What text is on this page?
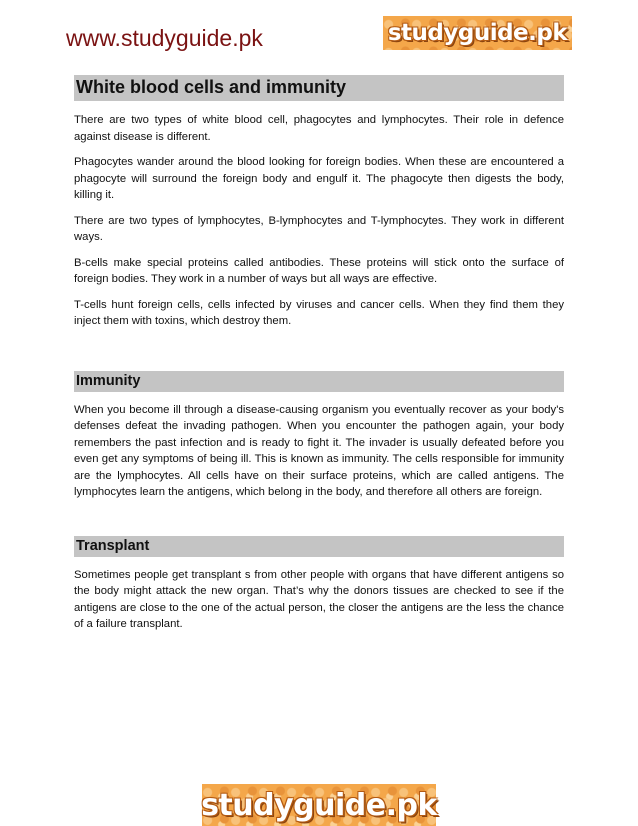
www.studyguide.pk	studyguide.pk
White blood cells and immunity

There are two types of white blood cell, phagocytes and lymphocytes. Their role in defence against disease is different.

Phagocytes wander around the blood looking for foreign bodies. When these are encountered a phagocyte will surround the foreign body and engulf it. The phagocyte then digests the body, killing it.

There are two types of lymphocytes, B-lymphocytes and T-lymphocytes. They work in different ways.

B-cells make special proteins called antibodies. These proteins will stick onto the surface of foreign bodies. They work in a number of ways but all ways are effective.

T-cells hunt foreign cells, cells infected by viruses and cancer cells. When they find them they inject them with toxins, which destroy them.

Immunity

When you become ill through a disease-causing organism you eventually recover as your body's defenses defeat the invading pathogen. When you encounter the pathogen again, your body remembers the past infection and is ready to fight it. The invader is usually defeated before you even get any symptoms of being ill. This is known as immunity. The cells responsible for immunity are the lymphocytes. All cells have on their surface proteins, which are called antigens. The lymphocytes learn the antigens, which belong in the body, and therefore all others are foreign.

Transplant

Sometimes people get transplant s from other people with organs that have different antigens so the body might attack the new organ. That’s why the donors tissues are checked to see if the antigens are close to the one of the actual person, the closer the antigens are the less the chance of a failure transplant.

studyguide.pk
